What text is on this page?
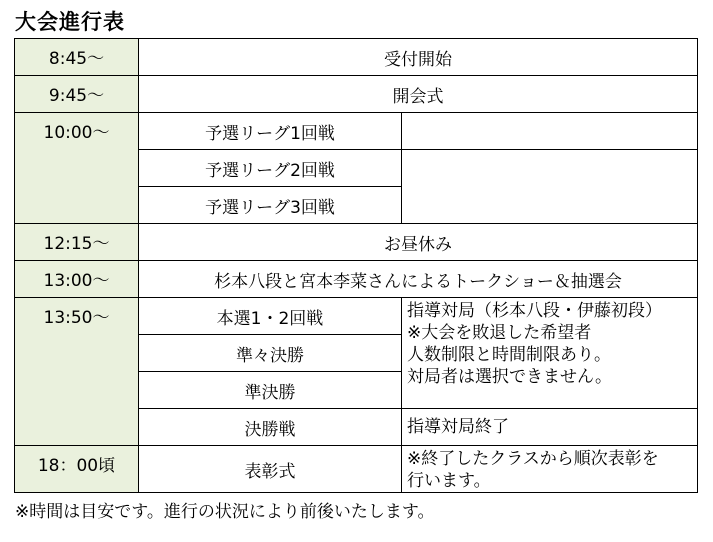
大会進行表
8:45～	受付開始	
9:45～	開会式	
10:00～	予選リーグ1回戦	
	予選リーグ2回戦	
	予選リーグ3回戦	
12:15～	お昼休み	
13:00～	杉本八段と宮本李菜さんによるトークショー＆抽選会	
13:50～	本選1・2回戦	指導対局（杉本八段・伊藤初段）
※大会を敗退した希望者
人数制限と時間制限あり。
対局者は選択できません。

	準々決勝	
	準決勝	
	決勝戦	指導対局終了
18：00頃	表彰式	※終了したクラスから順次表彰を
行います。
※時間は目安です。進行の状況により前後いたします。
